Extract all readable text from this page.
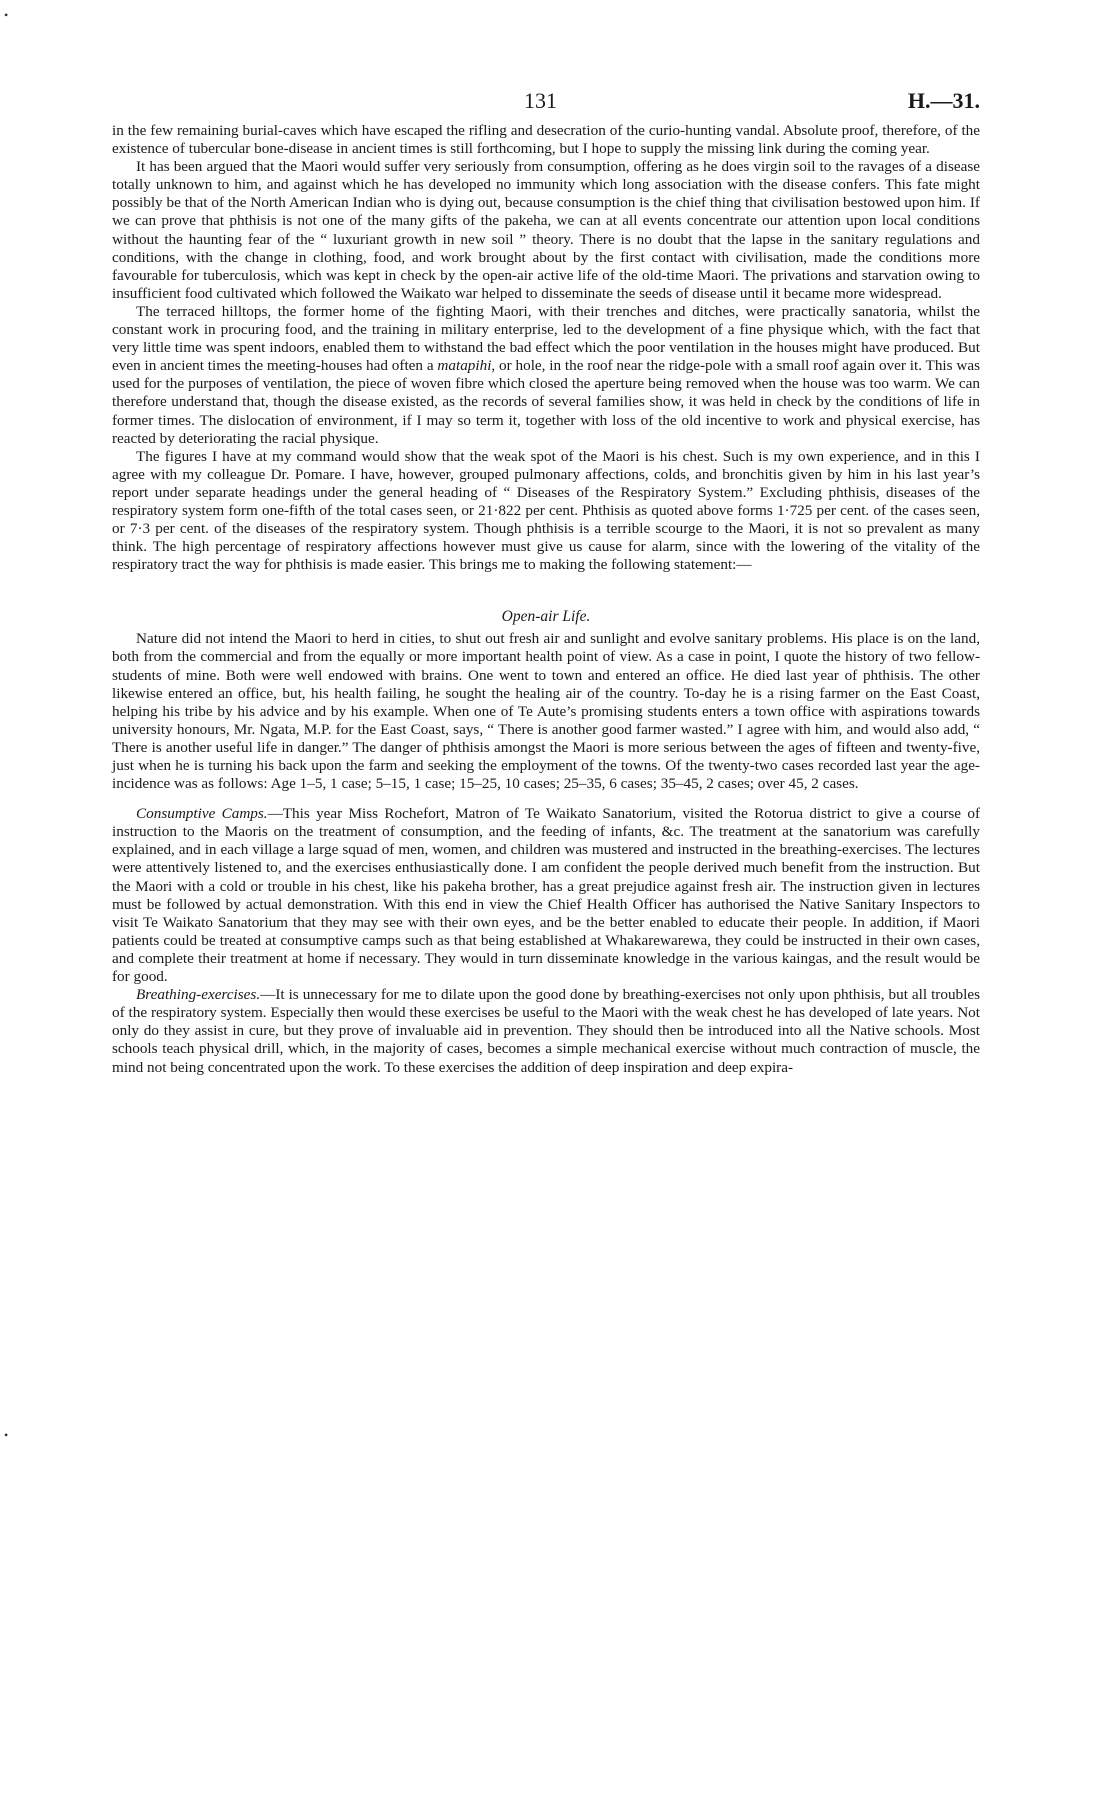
•
•
131	H.—31.

in the few remaining burial-caves which have escaped the rifling and desecration of the curio-hunting vandal. Absolute proof, therefore, of the existence of tubercular bone-disease in ancient times is still forthcoming, but I hope to supply the missing link during the coming year.

It has been argued that the Maori would suffer very seriously from consumption, offering as he does virgin soil to the ravages of a disease totally unknown to him, and against which he has developed no immunity which long association with the disease confers. This fate might possibly be that of the North American Indian who is dying out, because consumption is the chief thing that civilisation bestowed upon him. If we can prove that phthisis is not one of the many gifts of the pakeha, we can at all events concentrate our attention upon local conditions without the haunting fear of the “ luxuriant growth in new soil ” theory. There is no doubt that the lapse in the sanitary regulations and conditions, with the change in clothing, food, and work brought about by the first contact with civilisation, made the conditions more favourable for tuberculosis, which was kept in check by the open-air active life of the old-time Maori. The privations and starvation owing to insufficient food cultivated which followed the Waikato war helped to disseminate the seeds of disease until it became more widespread.

The terraced hilltops, the former home of the fighting Maori, with their trenches and ditches, were practically sanatoria, whilst the constant work in procuring food, and the training in military enterprise, led to the development of a fine physique which, with the fact that very little time was spent indoors, enabled them to withstand the bad effect which the poor ventilation in the houses might have produced. But even in ancient times the meeting-houses had often a matapihi, or hole, in the roof near the ridge-pole with a small roof again over it. This was used for the purposes of ventilation, the piece of woven fibre which closed the aperture being removed when the house was too warm. We can therefore understand that, though the disease existed, as the records of several families show, it was held in check by the conditions of life in former times. The dislocation of environment, if I may so term it, together with loss of the old incentive to work and physical exercise, has reacted by deteriorating the racial physique.

The figures I have at my command would show that the weak spot of the Maori is his chest. Such is my own experience, and in this I agree with my colleague Dr. Pomare. I have, however, grouped pulmonary affections, colds, and bronchitis given by him in his last year’s report under separate headings under the general heading of “ Diseases of the Respiratory System.” Excluding phthisis, diseases of the respiratory system form one-fifth of the total cases seen, or 21·822 per cent. Phthisis as quoted above forms 1·725 per cent. of the cases seen, or 7·3 per cent. of the diseases of the respiratory system. Though phthisis is a terrible scourge to the Maori, it is not so prevalent as many think. The high percentage of respiratory affections however must give us cause for alarm, since with the lowering of the vitality of the respiratory tract the way for phthisis is made easier. This brings me to making the following statement:—

Open-air Life.

Nature did not intend the Maori to herd in cities, to shut out fresh air and sunlight and evolve sanitary problems. His place is on the land, both from the commercial and from the equally or more important health point of view. As a case in point, I quote the history of two fellow-students of mine. Both were well endowed with brains. One went to town and entered an office. He died last year of phthisis. The other likewise entered an office, but, his health failing, he sought the healing air of the country. To-day he is a rising farmer on the East Coast, helping his tribe by his advice and by his example. When one of Te Aute’s promising students enters a town office with aspirations towards university honours, Mr. Ngata, M.P. for the East Coast, says, “ There is another good farmer wasted.” I agree with him, and would also add, “ There is another useful life in danger.” The danger of phthisis amongst the Maori is more serious between the ages of fifteen and twenty-five, just when he is turning his back upon the farm and seeking the employment of the towns. Of the twenty-two cases recorded last year the age-incidence was as follows: Age 1–5, 1 case; 5–15, 1 case; 15–25, 10 cases; 25–35, 6 cases; 35–45, 2 cases; over 45, 2 cases.

Consumptive Camps.—This year Miss Rochefort, Matron of Te Waikato Sanatorium, visited the Rotorua district to give a course of instruction to the Maoris on the treatment of consumption, and the feeding of infants, &c. The treatment at the sanatorium was carefully explained, and in each village a large squad of men, women, and children was mustered and instructed in the breathing-exercises. The lectures were attentively listened to, and the exercises enthusiastically done. I am confident the people derived much benefit from the instruction. But the Maori with a cold or trouble in his chest, like his pakeha brother, has a great prejudice against fresh air. The instruction given in lectures must be followed by actual demonstration. With this end in view the Chief Health Officer has authorised the Native Sanitary Inspectors to visit Te Waikato Sanatorium that they may see with their own eyes, and be the better enabled to educate their people. In addition, if Maori patients could be treated at consumptive camps such as that being established at Whakarewarewa, they could be instructed in their own cases, and complete their treatment at home if necessary. They would in turn disseminate knowledge in the various kaingas, and the result would be for good.

Breathing-exercises.—It is unnecessary for me to dilate upon the good done by breathing-exercises not only upon phthisis, but all troubles of the respiratory system. Especially then would these exercises be useful to the Maori with the weak chest he has developed of late years. Not only do they assist in cure, but they prove of invaluable aid in prevention. They should then be introduced into all the Native schools. Most schools teach physical drill, which, in the majority of cases, becomes a simple mechanical exercise without much contraction of muscle, the mind not being concentrated upon the work. To these exercises the addition of deep inspiration and deep expira-
